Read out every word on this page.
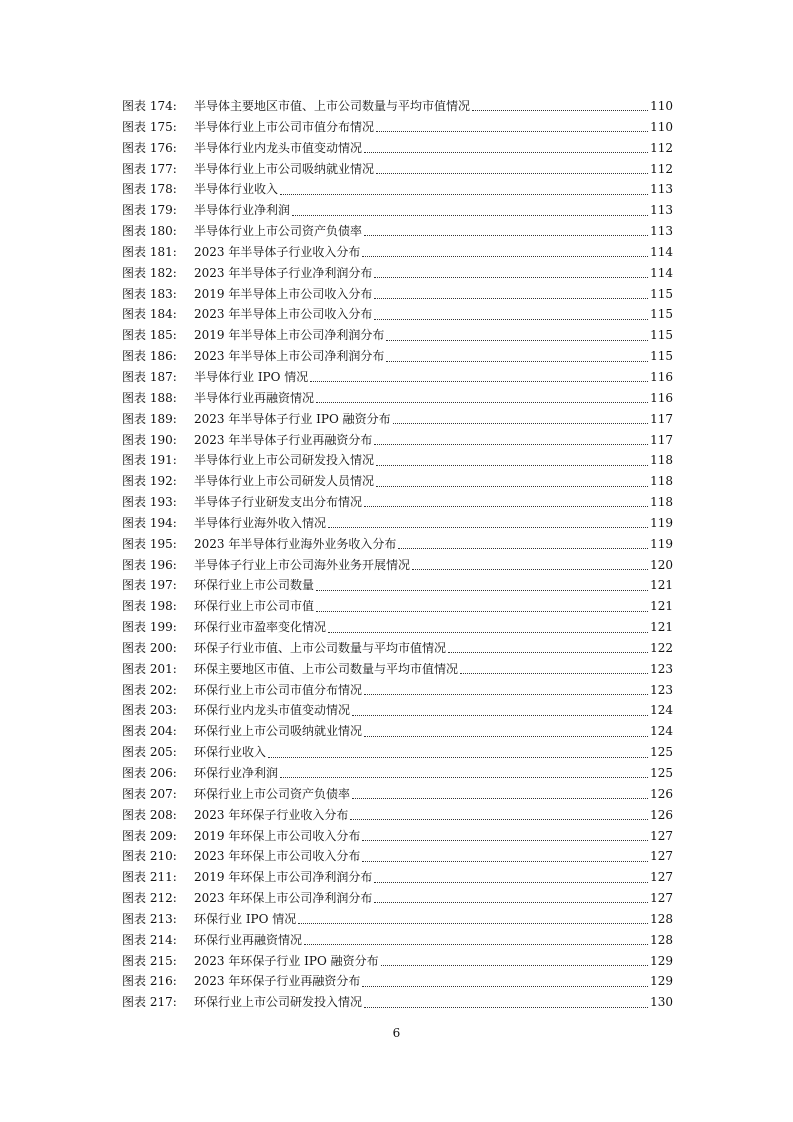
图表 174:	半导体主要地区市值、上市公司数量与平均市值情况	110
图表 175:	半导体行业上市公司市值分布情况	110
图表 176:	半导体行业内龙头市值变动情况	112
图表 177:	半导体行业上市公司吸纳就业情况	112
图表 178:	半导体行业收入	113
图表 179:	半导体行业净利润	113
图表 180:	半导体行业上市公司资产负债率	113
图表 181:	2023 年半导体子行业收入分布	114
图表 182:	2023 年半导体子行业净利润分布	114
图表 183:	2019 年半导体上市公司收入分布	115
图表 184:	2023 年半导体上市公司收入分布	115
图表 185:	2019 年半导体上市公司净利润分布	115
图表 186:	2023 年半导体上市公司净利润分布	115
图表 187:	半导体行业 IPO 情况	116
图表 188:	半导体行业再融资情况	116
图表 189:	2023 年半导体子行业 IPO 融资分布	117
图表 190:	2023 年半导体子行业再融资分布	117
图表 191:	半导体行业上市公司研发投入情况	118
图表 192:	半导体行业上市公司研发人员情况	118
图表 193:	半导体子行业研发支出分布情况	118
图表 194:	半导体行业海外收入情况	119
图表 195:	2023 年半导体行业海外业务收入分布	119
图表 196:	半导体子行业上市公司海外业务开展情况	120
图表 197:	环保行业上市公司数量	121
图表 198:	环保行业上市公司市值	121
图表 199:	环保行业市盈率变化情况	121
图表 200:	环保子行业市值、上市公司数量与平均市值情况	122
图表 201:	环保主要地区市值、上市公司数量与平均市值情况	123
图表 202:	环保行业上市公司市值分布情况	123
图表 203:	环保行业内龙头市值变动情况	124
图表 204:	环保行业上市公司吸纳就业情况	124
图表 205:	环保行业收入	125
图表 206:	环保行业净利润	125
图表 207:	环保行业上市公司资产负债率	126
图表 208:	2023 年环保子行业收入分布	126
图表 209:	2019 年环保上市公司收入分布	127
图表 210:	2023 年环保上市公司收入分布	127
图表 211:	2019 年环保上市公司净利润分布	127
图表 212:	2023 年环保上市公司净利润分布	127
图表 213:	环保行业 IPO 情况	128
图表 214:	环保行业再融资情况	128
图表 215:	2023 年环保子行业 IPO 融资分布	129
图表 216:	2023 年环保子行业再融资分布	129
图表 217:	环保行业上市公司研发投入情况	130
6
